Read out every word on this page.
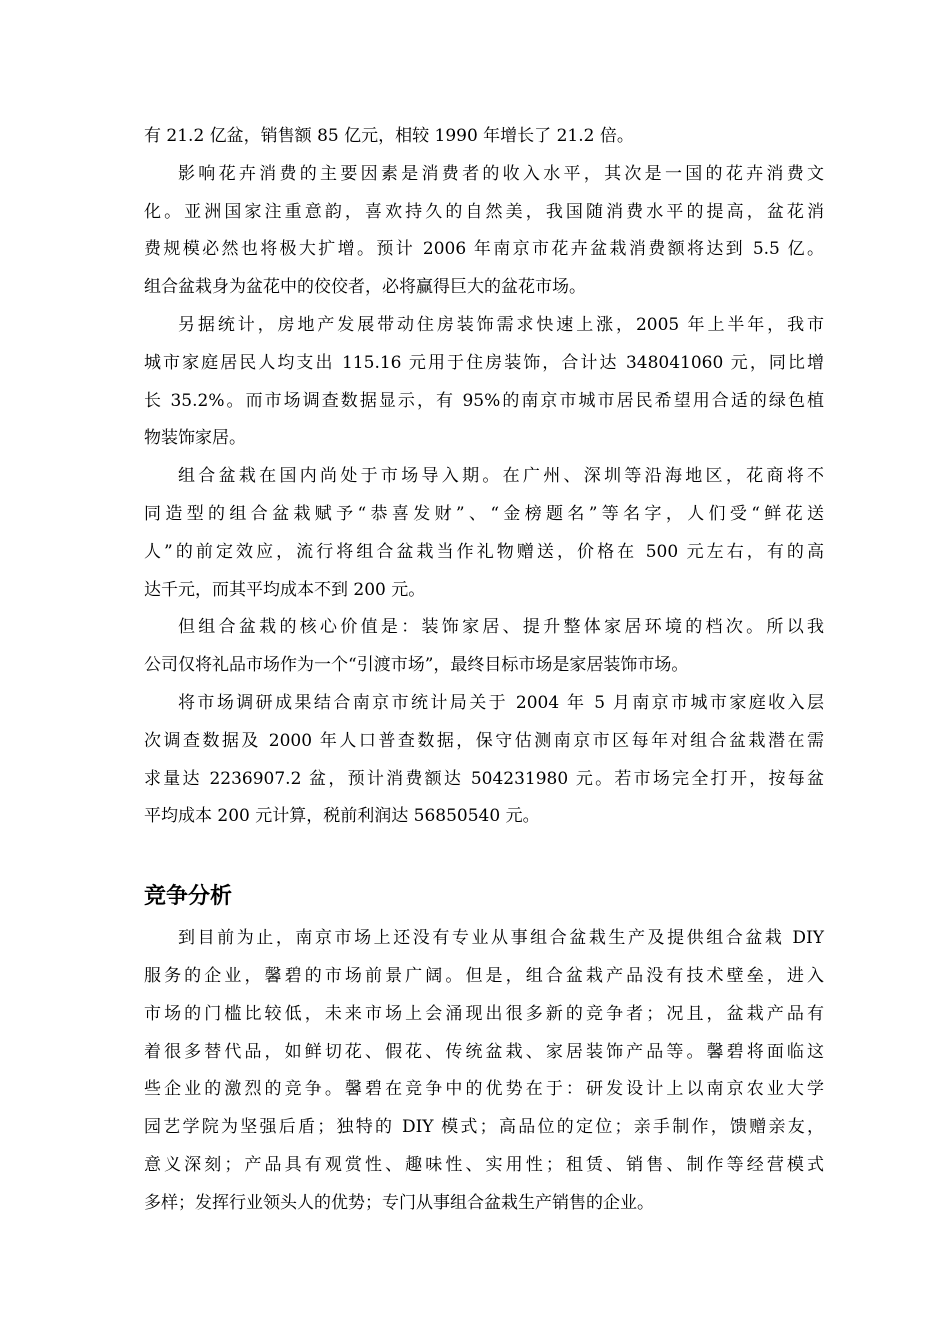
有 21.2 亿盆，销售额 85 亿元，相较 1990 年增长了 21.2 倍。
影响花卉消费的主要因素是消费者的收入水平，其次是一国的花卉消费文
化。亚洲国家注重意韵，喜欢持久的自然美，我国随消费水平的提高，盆花消
费规模必然也将极大扩增。预计 2006 年南京市花卉盆栽消费额将达到 5.5 亿。
组合盆栽身为盆花中的佼佼者，必将赢得巨大的盆花市场。
另据统计，房地产发展带动住房装饰需求快速上涨，2005 年上半年，我市
城市家庭居民人均支出 115.16 元用于住房装饰，合计达 348041060 元，同比增
长 35.2%。而市场调查数据显示，有 95%的南京市城市居民希望用合适的绿色植
物装饰家居。
组合盆栽在国内尚处于市场导入期。在广州、深圳等沿海地区，花商将不
同造型的组合盆栽赋予“恭喜发财”、“金榜题名”等名字，人们受“鲜花送
人”的前定效应，流行将组合盆栽当作礼物赠送，价格在 500 元左右，有的高
达千元，而其平均成本不到 200 元。
但组合盆栽的核心价值是：装饰家居、提升整体家居环境的档次。所以我
公司仅将礼品市场作为一个“引渡市场”，最终目标市场是家居装饰市场。
将市场调研成果结合南京市统计局关于 2004 年 5 月南京市城市家庭收入层
次调查数据及 2000 年人口普查数据，保守估测南京市区每年对组合盆栽潜在需
求量达 2236907.2 盆，预计消费额达 504231980 元。若市场完全打开，按每盆
平均成本 200 元计算，税前利润达 56850540 元。
竞争分析
到目前为止，南京市场上还没有专业从事组合盆栽生产及提供组合盆栽 DIY
服务的企业，馨碧的市场前景广阔。但是，组合盆栽产品没有技术壁垒，进入
市场的门槛比较低，未来市场上会涌现出很多新的竞争者；况且，盆栽产品有
着很多替代品，如鲜切花、假花、传统盆栽、家居装饰产品等。馨碧将面临这
些企业的激烈的竞争。馨碧在竞争中的优势在于：研发设计上以南京农业大学
园艺学院为坚强后盾；独特的 DIY 模式；高品位的定位；亲手制作，馈赠亲友，
意义深刻；产品具有观赏性、趣味性、实用性；租赁、销售、制作等经营模式
多样；发挥行业领头人的优势；专门从事组合盆栽生产销售的企业。
